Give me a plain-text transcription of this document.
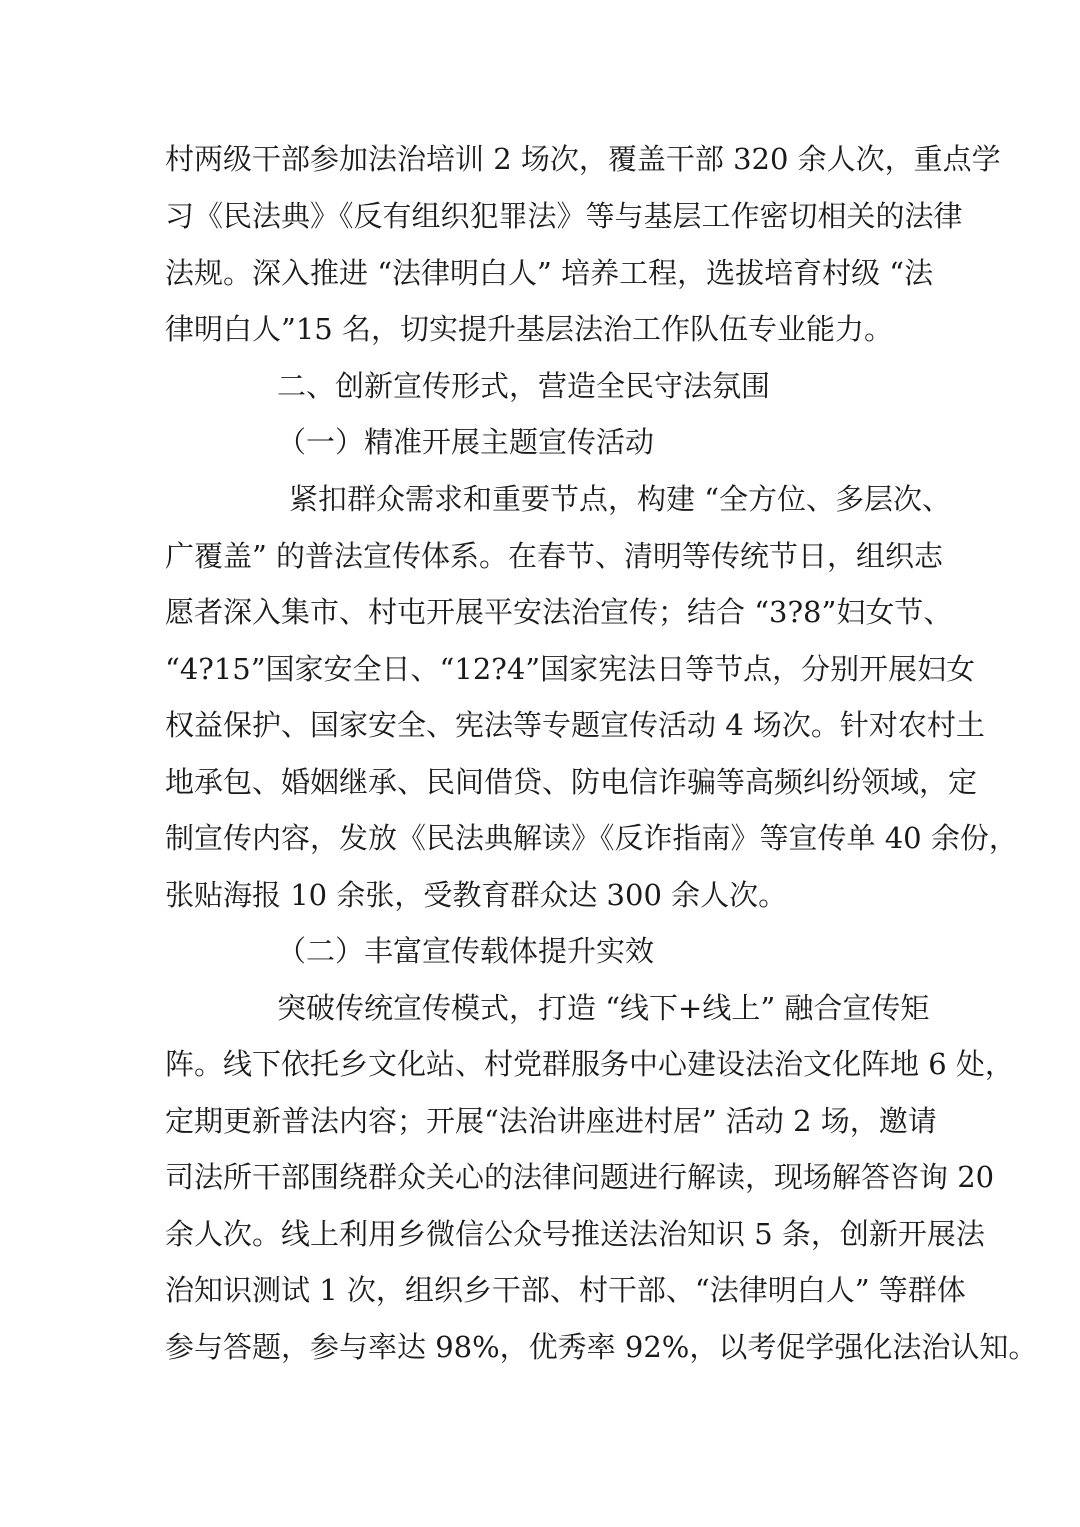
村两级干部参加法治培训 2 场次，覆盖干部 320 余人次，重点学
习《民法典》《反有组织犯罪法》等与基层工作密切相关的法律
法规。深入推进 “法律明白人” 培养工程，选拔培育村级 “法
律明白人”15 名，切实提升基层法治工作队伍专业能力。
二、创新宣传形式，营造全民守法氛围
（一）精准开展主题宣传活动
紧扣群众需求和重要节点，构建 “全方位、多层次、
广覆盖” 的普法宣传体系。在春节、清明等传统节日，组织志
愿者深入集市、村屯开展平安法治宣传；结合 “3?8”妇女节、
“4?15”国家安全日、“12?4”国家宪法日等节点，分别开展妇女
权益保护、国家安全、宪法等专题宣传活动 4 场次。针对农村土
地承包、婚姻继承、民间借贷、防电信诈骗等高频纠纷领域，定
制宣传内容，发放《民法典解读》《反诈指南》等宣传单 40 余份，
张贴海报 10 余张，受教育群众达 300 余人次。
（二）丰富宣传载体提升实效
突破传统宣传模式，打造 “线下+线上” 融合宣传矩
阵。线下依托乡文化站、村党群服务中心建设法治文化阵地 6 处，
定期更新普法内容；开展“法治讲座进村居” 活动 2 场，邀请
司法所干部围绕群众关心的法律问题进行解读，现场解答咨询 20
余人次。线上利用乡微信公众号推送法治知识 5 条，创新开展法
治知识测试 1 次，组织乡干部、村干部、“法律明白人” 等群体
参与答题，参与率达 98%，优秀率 92%，以考促学强化法治认知。
